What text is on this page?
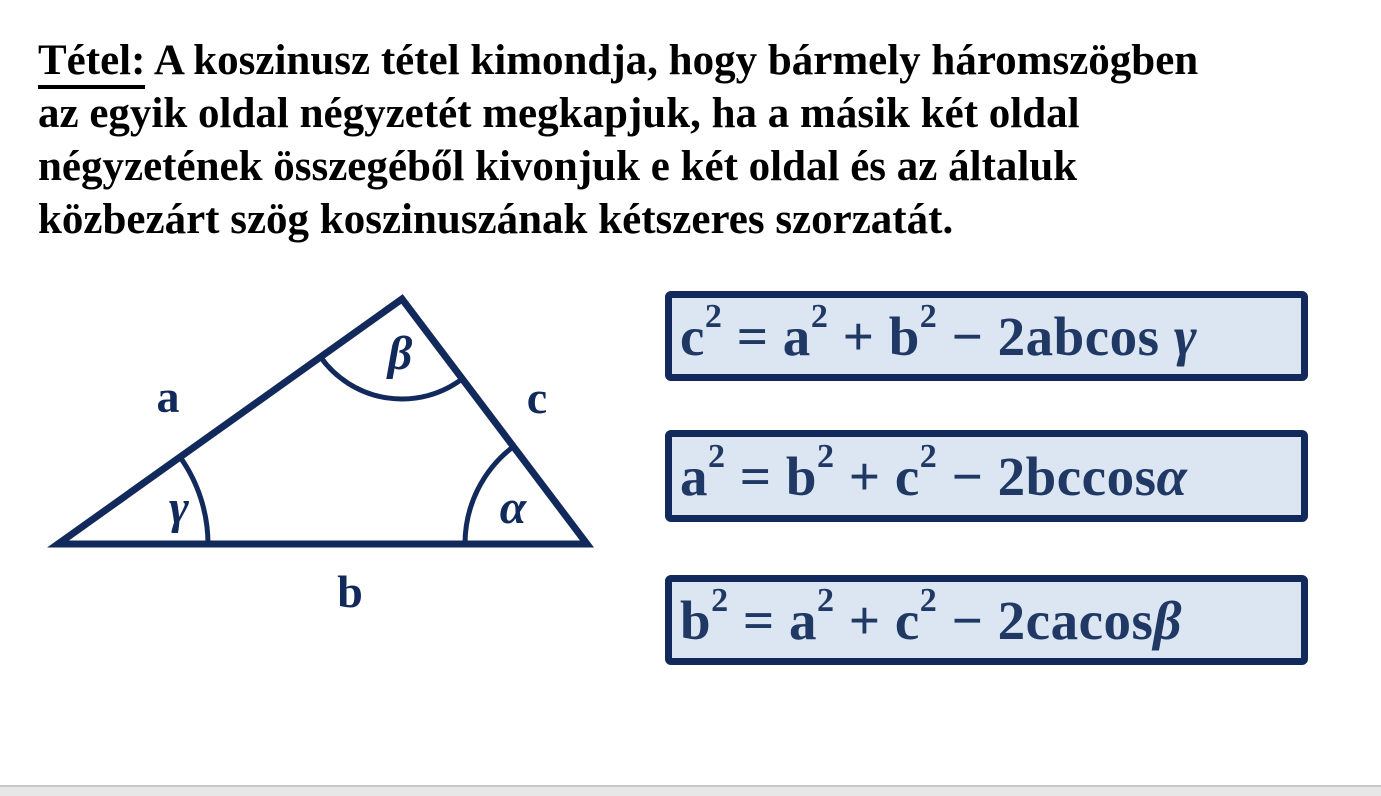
Tétel: A koszinusz tétel kimondja, hogy bármely háromszögben
az egyik oldal négyzetét megkapjuk, ha a másik két oldal
négyzetének összegéből kivonjuk e két oldal és az általuk
közbezárt szög koszinuszának kétszeres szorzatát.
a	c
b
β
γ	α
$c^2 = a^2 + b^2 - 2abcos$ γ
$a^2 = b^2 + c^2 - 2bccos$ α
$b^2 = a^2 + c^2 - 2cacos$ β
